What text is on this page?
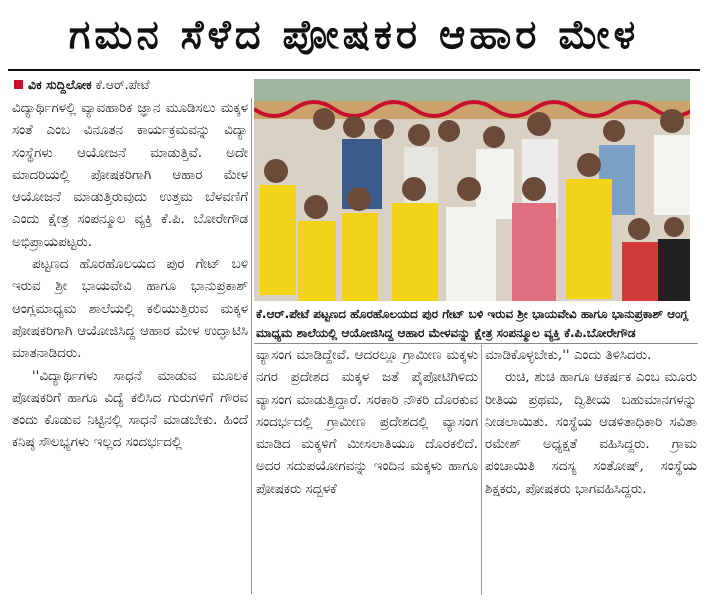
ಗಮನ ಸೆಳೆದ ಪೋಷಕರ ಆಹಾರ ಮೇಳ
ವಿಕ ಸುದ್ದಿಲೋಕ ಕೆ.ಆರ್.ಪೇಟೆ

ವಿದ್ಯಾರ್ಥಿಗಳಲ್ಲಿ ವ್ಯಾವಹಾರಿಕ ಜ್ಞಾನ ಮೂಡಿಸಲು ಮಕ್ಕಳ ಸಂತೆ ಎಂಬ ವಿನೂತನ ಕಾರ್ಯಕ್ರಮವನ್ನು ವಿದ್ಯಾ ಸಂಸ್ಥೆಗಳು ಆಯೋಜನೆ ಮಾಡುತ್ತಿವೆ. ಅದೇ ಮಾದರಿಯಲ್ಲಿ ಪೋಷಕರಿಗಾಗಿ ಆಹಾರ ಮೇಳ ಆಯೋಜನೆ ಮಾಡುತ್ತಿರುವುದು ಉತ್ತಮ ಬೆಳವಣಿಗೆ ಎಂದು ಕ್ಷೇತ್ರ ಸಂಪನ್ಮೂಲ ವ್ಯಕ್ತಿ ಕೆ.ಪಿ. ಬೋರೇಗೌಡ ಅಭಿಪ್ರಾಯಪಟ್ಟರು.

ಪಟ್ಟಣದ ಹೊರಹೊಲಯದ ಪುರ ಗೇಟ್ ಬಳಿ ಇರುವ ಶ್ರೀ ಭಾಯವೇವಿ ಹಾಗೂ ಭಾನುಪ್ರಕಾಶ್ ಆಂಗ್ಲಮಾಧ್ಯಮ ಶಾಲೆಯಲ್ಲಿ ಕಲಿಯುತ್ತಿರುವ ಮಕ್ಕಳ ಪೋಷಕರಿಗಾಗಿ ಆಯೋಜಿಸಿದ್ದ ಆಹಾರ ಮೇಳ ಉದ್ಘಾಟಿಸಿ ಮಾತನಾಡಿದರು.

''ವಿದ್ಯಾರ್ಥಿಗಳು ಸಾಧನೆ ಮಾಡುವ ಮೂಲಕ ಪೋಷಕರಿಗೆ ಹಾಗೂ ವಿದ್ಯೆ ಕಲಿಸಿದ ಗುರುಗಳಿಗೆ ಗೌರವ ತಂದು ಕೊಡುವ ನಿಟ್ಟಿನಲ್ಲಿ ಸಾಧನೆ ಮಾಡಬೇಕು. ಹಿಂದೆ ಕನಿಷ್ಠ ಸೌಲಭ್ಯಗಳು ಇಲ್ಲದ ಸಂದರ್ಭದಲ್ಲಿ

ಕೆ.ಆರ್.ಪೇಟೆ ಪಟ್ಟಣದ ಹೊರಹೊಲಯದ ಪುರ ಗೇಟ್ ಬಳಿ ಇರುವ ಶ್ರೀ ಭಾಯವೇವಿ ಹಾಗೂ ಭಾನುಪ್ರಕಾಶ್ ಆಂಗ್ಲ ಮಾಧ್ಯಮ ಶಾಲೆಯಲ್ಲಿ ಆಯೋಜಿಸಿದ್ದ ಆಹಾರ ಮೇಳವನ್ನು ಕ್ಷೇತ್ರ ಸಂಪನ್ಮೂಲ ವ್ಯಕ್ತಿ ಕೆ.ಪಿ.ಬೋರೇಗೌಡ

ವ್ಯಾಸಂಗ ಮಾಡಿದ್ದೇವೆ. ಆದರಲ್ಲೂ ಗ್ರಾಮೀಣ ಮಕ್ಕಳು ನಗರ ಪ್ರದೇಶದ ಮಕ್ಕಳ ಜತೆ ಪೈಪೋಟಿಗಿಳಿದು ವ್ಯಾಸಂಗ ಮಾಡುತ್ತಿದ್ದಾರೆ. ಸರಕಾರಿ ನೌಕರಿ ದೊರಕುವ ಸಂದರ್ಭದಲ್ಲಿ ಗ್ರಾಮೀಣ ಪ್ರದೇಶದಲ್ಲಿ ವ್ಯಾಸಂಗ ಮಾಡಿದ ಮಕ್ಕಳಿಗೆ ಮೀಸಲಾತಿಯೂ ದೊರಕಲಿದೆ. ಅದರ ಸದುಪಯೋಗವನ್ನು ಇಂದಿನ ಮಕ್ಕಳು ಹಾಗೂ ಪೋಷಕರು ಸದ್ಬಳಕೆ

ಮಾಡಿಕೊಳ್ಳಬೇಕು,'' ಎಂದು ತಿಳಿಸಿದರು.

ರುಚಿ, ಶುಚಿ ಹಾಗೂ ಆಕರ್ಷಕ ಎಂಬ ಮೂರು ರೀತಿಯ ಪ್ರಥಮ, ದ್ವಿತೀಯ ಬಹುಮಾನಗಳನ್ನು ನೀಡಲಾಯಿತು. ಸಂಸ್ಥೆಯ ಆಡಳಿತಾಧಿಕಾರಿ ಸವಿತಾ ರಮೇಶ್ ಅಧ್ಯಕ್ಷತೆ ವಹಿಸಿದ್ದರು. ಗ್ರಾಮ ಪಂಚಾಯಿತಿ ಸದಸ್ಯ ಸಂತೋಷ್, ಸಂಸ್ಥೆಯ ಶಿಕ್ಷಕರು, ಪೋಷಕರು ಭಾಗವಹಿಸಿದ್ದರು.
